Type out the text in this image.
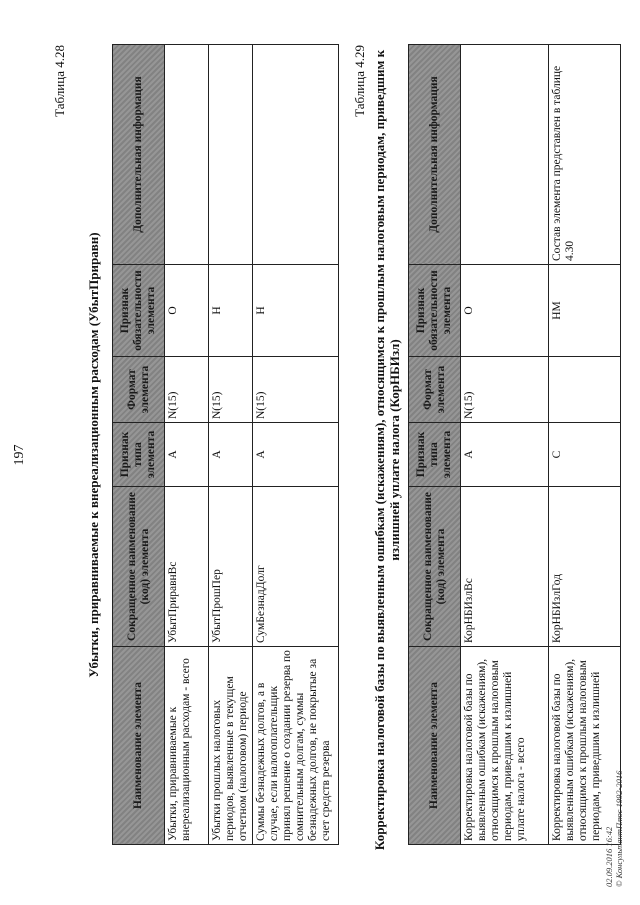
197
Таблица 4.28
Убытки, приравниваемые к внереализационным расходам (УбытПриравн)
Наименование элемента	Сокращенное наименование (код) элемента	Признак типа элемента	Формат элемента	Признак обязательности элемента	Дополнительная информация
Убытки, приравниваемые к внереализационным расходам - всего	УбытПриравнВс	А	N(15)	О	
Убытки прошлых налоговых периодов, выявленные в текущем отчетном (налоговом) периоде	УбытПрошПер	А	N(15)	Н	
Суммы безнадежных долгов, а в случае, если налогоплательщик принял решение о создании резерва по сомнительным долгам, суммы безнадежных долгов, не покрытые за счет средств резерва	СумБезнадДолг	А	N(15)	Н	
Таблица 4.29 Корректировка налоговой базы по выявленным ошибкам (искажениям), относящимся к прошлым налоговым периодам, приведшим к излишней уплате налога (КорНБИзл)
Наименование элемента	Сокращенное наименование (код) элемента	Признак типа элемента	Формат элемента	Признак обязательности элемента	Дополнительная информация
Корректировка налоговой базы по выявленным ошибкам (искажениям), относящимся к прошлым налоговым периодам, приведшим к излишней уплате налога - всего	КорНБИзлВс	А	N(15)	О	
Корректировка налоговой базы по выявленным ошибкам (искажениям), относящимся к прошлым налоговым периодам, приведшим к излишней	КорНБИзлГод	С		НМ	Состав элемента представлен в таблице 4.30
02.09.2016 16:42 © КонсультантПлюс 1992-2016
